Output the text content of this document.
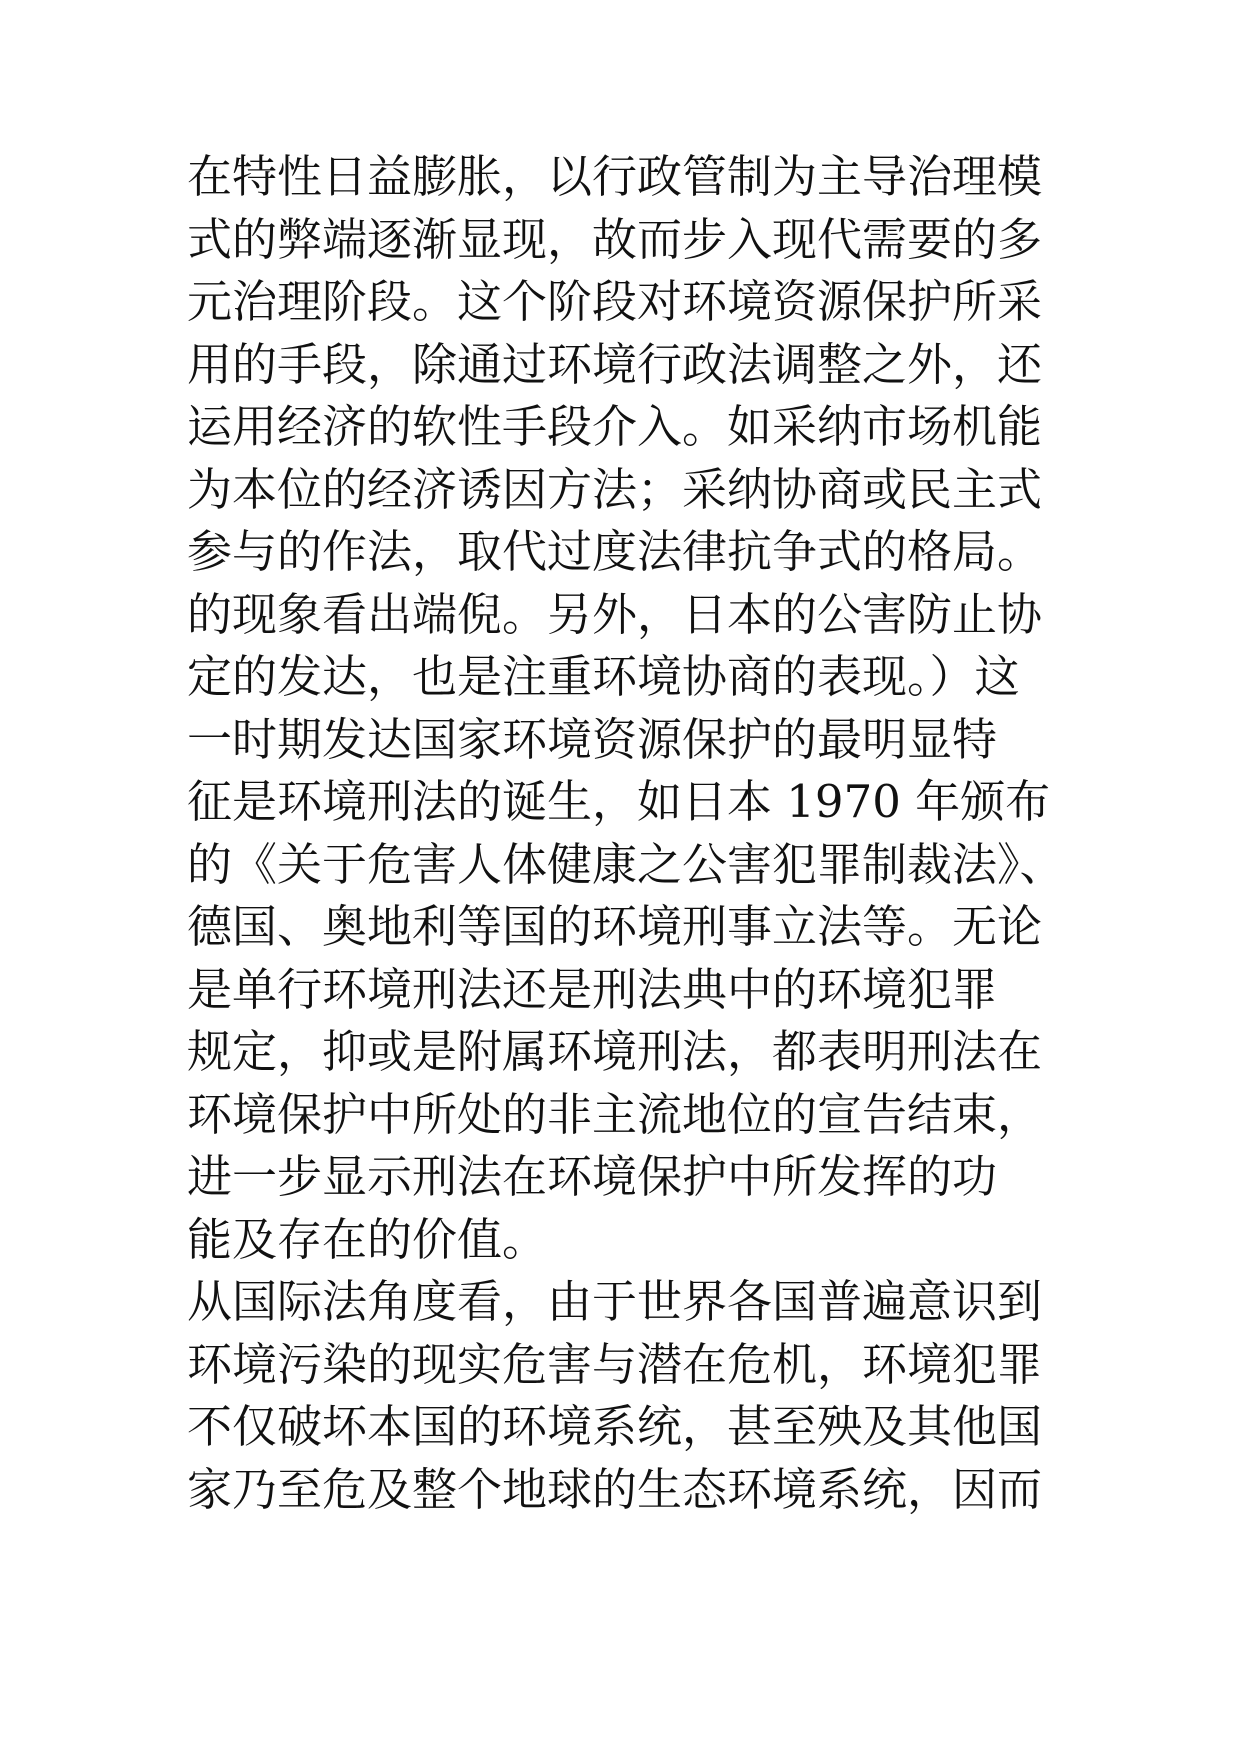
在特性日益膨胀，以行政管制为主导治理模
式的弊端逐渐显现，故而步入现代需要的多
元治理阶段。这个阶段对环境资源保护所采
用的手段，除通过环境行政法调整之外，还
运用经济的软性手段介入。如采纳市场机能
为本位的经济诱因方法；采纳协商或民主式
参与的作法，取代过度法律抗争式的格局。
的现象看出端倪。另外，日本的公害防止协
定的发达，也是注重环境协商的表现。）这
一时期发达国家环境资源保护的最明显特
征是环境刑法的诞生，如日本 1970 年颁布
的《关于危害人体健康之公害犯罪制裁法》、
德国、奥地利等国的环境刑事立法等。无论
是单行环境刑法还是刑法典中的环境犯罪
规定，抑或是附属环境刑法，都表明刑法在
环境保护中所处的非主流地位的宣告结束，
进一步显示刑法在环境保护中所发挥的功
能及存在的价值。
从国际法角度看，由于世界各国普遍意识到
环境污染的现实危害与潜在危机，环境犯罪
不仅破坏本国的环境系统，甚至殃及其他国
家乃至危及整个地球的生态环境系统，因而
